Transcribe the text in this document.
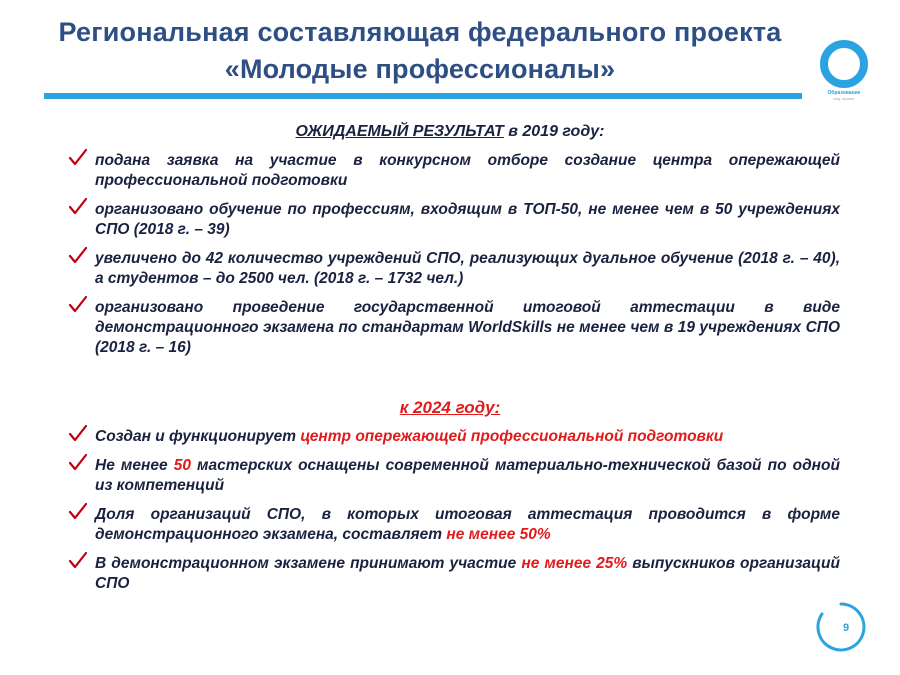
Региональная составляющая федерального проекта
«Молодые профессионалы»
Образование
нац. проект
ОЖИДАЕМЫЙ РЕЗУЛЬТАТ в 2019 году:
подана заявка на участие в конкурсном отборе создание центра опережающей профессиональной подготовки
организовано обучение по профессиям, входящим в ТОП-50, не менее чем в 50 учреждениях СПО (2018 г. – 39)
увеличено до 42 количество учреждений СПО, реализующих дуальное обучение (2018 г. – 40), а студентов – до 2500 чел. (2018 г. – 1732 чел.)
организовано проведение государственной итоговой аттестации в виде демонстрационного экзамена по стандартам WorldSkills не менее чем в 19 учреждениях СПО (2018 г. – 16)
к 2024 году:
Создан и функционирует центр опережающей профессиональной подготовки
Не менее 50 мастерских оснащены современной материально-технической базой по одной из компетенций
Доля организаций СПО, в которых итоговая аттестация проводится в форме демонстрационного экзамена, составляет не менее 50%
В демонстрационном экзамене принимают участие не менее 25% выпускников организаций СПО
9
